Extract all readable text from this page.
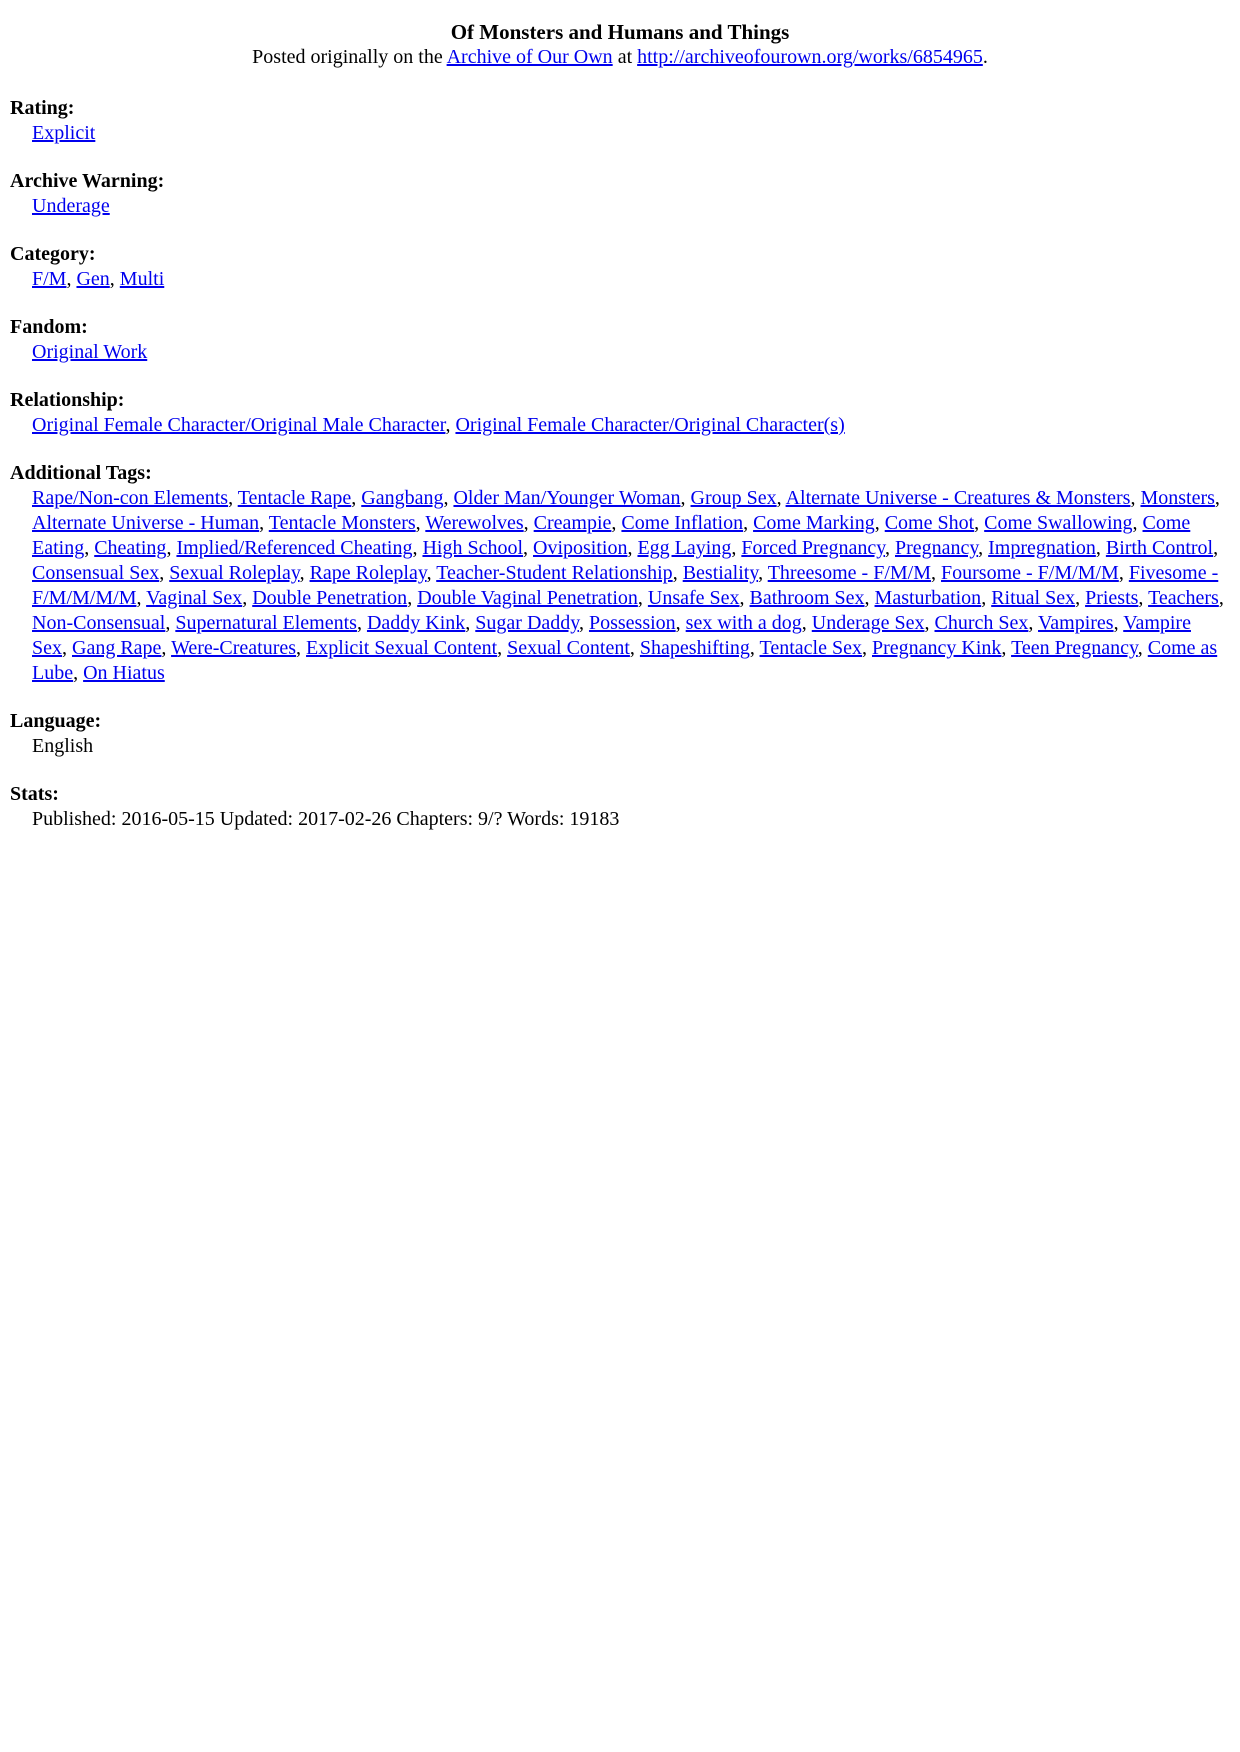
Of Monsters and Humans and Things

Posted originally on the Archive of Our Own at http://archiveofourown.org/works/6854965.

Rating:
Explicit
Archive Warning:
Underage
Category:
F/M, Gen, Multi
Fandom:
Original Work
Relationship:
Original Female Character/Original Male Character, Original Female Character/Original Character(s)
Additional Tags:
Rape/Non-con Elements, Tentacle Rape, Gangbang, Older Man/Younger Woman, Group Sex, Alternate Universe - Creatures & Monsters, Monsters, Alternate Universe - Human, Tentacle Monsters, Werewolves, Creampie, Come Inflation, Come Marking, Come Shot, Come Swallowing, Come Eating, Cheating, Implied/Referenced Cheating, High School, Oviposition, Egg Laying, Forced Pregnancy, Pregnancy, Impregnation, Birth Control, Consensual Sex, Sexual Roleplay, Rape Roleplay, Teacher-Student Relationship, Bestiality, Threesome - F/M/M, Foursome - F/M/M/M, Fivesome - F/M/M/M/M, Vaginal Sex, Double Penetration, Double Vaginal Penetration, Unsafe Sex, Bathroom Sex, Masturbation, Ritual Sex, Priests, Teachers, Non-Consensual, Supernatural Elements, Daddy Kink, Sugar Daddy, Possession, sex with a dog, Underage Sex, Church Sex, Vampires, Vampire Sex, Gang Rape, Were-Creatures, Explicit Sexual Content, Sexual Content, Shapeshifting, Tentacle Sex, Pregnancy Kink, Teen Pregnancy, Come as Lube, On Hiatus
Language:
English
Stats:
Published: 2016-05-15 Updated: 2017-02-26 Chapters: 9/? Words: 19183
